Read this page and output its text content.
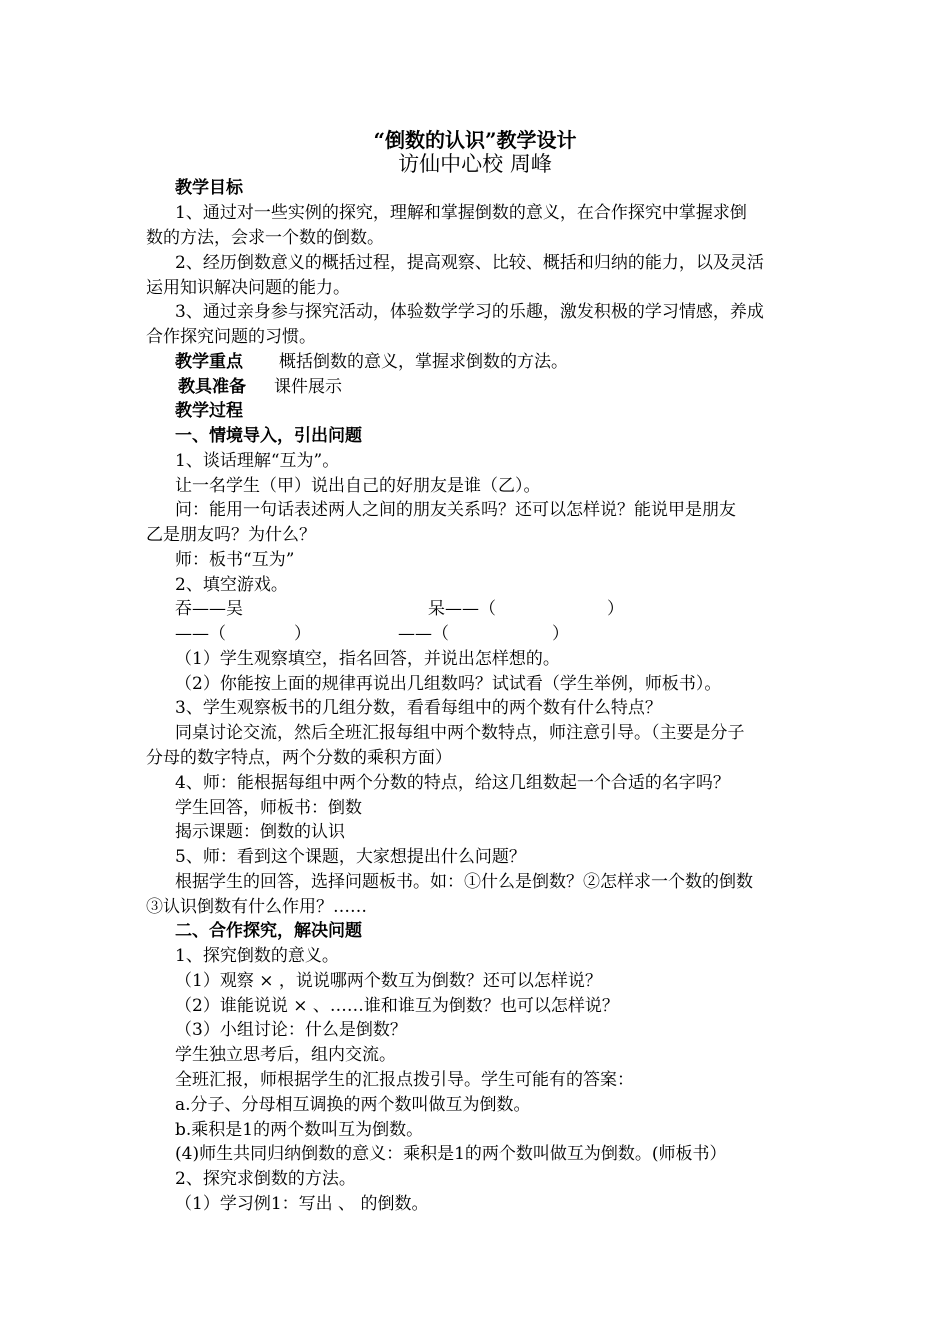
“倒数的认识”教学设计
访仙中心校 周峰
教学目标
1、通过对一些实例的探究，理解和掌握倒数的意义，在合作探究中掌握求倒
数的方法，会求一个数的倒数。
2、经历倒数意义的概括过程，提高观察、比较、概括和归纳的能力，以及灵活
运用知识解决问题的能力。
3、通过亲身参与探究活动，体验数学学习的乐趣，激发积极的学习情感，养成
合作探究问题的习惯。
教学重点 概括倒数的意义，掌握求倒数的方法。
教具准备 课件展示
教学过程
一、情境导入，引出问题
1、谈话理解“互为”。
让一名学生（甲）说出自己的好朋友是谁（乙）。
问：能用一句话表述两人之间的朋友关系吗？还可以怎样说？能说甲是朋友
乙是朋友吗？为什么？
师：板书“互为”
2、填空游戏。
吞——吴	呆——（	）
——（	）	——（	）
（1）学生观察填空，指名回答，并说出怎样想的。
（2）你能按上面的规律再说出几组数吗？试试看（学生举例，师板书）。
3、学生观察板书的几组分数，看看每组中的两个数有什么特点？
同桌讨论交流，然后全班汇报每组中两个数特点，师注意引导。（主要是分子
分母的数字特点，两个分数的乘积方面）
4、师：能根据每组中两个分数的特点，给这几组数起一个合适的名字吗？
学生回答，师板书：倒数
揭示课题：倒数的认识
5、师：看到这个课题，大家想提出什么问题？
根据学生的回答，选择问题板书。如：①什么是倒数？②怎样求一个数的倒数
③认识倒数有什么作用？……
二、合作探究，解决问题
1、探究倒数的意义。
（1）观察 × ，说说哪两个数互为倒数？还可以怎样说？
（2）谁能说说 × 、……谁和谁互为倒数？也可以怎样说？
（3）小组讨论：什么是倒数？
学生独立思考后，组内交流。
全班汇报，师根据学生的汇报点拨引导。学生可能有的答案：
a.分子、分母相互调换的两个数叫做互为倒数。
b.乘积是1的两个数叫互为倒数。
(4)师生共同归纳倒数的意义：乘积是1的两个数叫做互为倒数。(师板书）
2、探究求倒数的方法。
（1）学习例1：写出 、 的倒数。
